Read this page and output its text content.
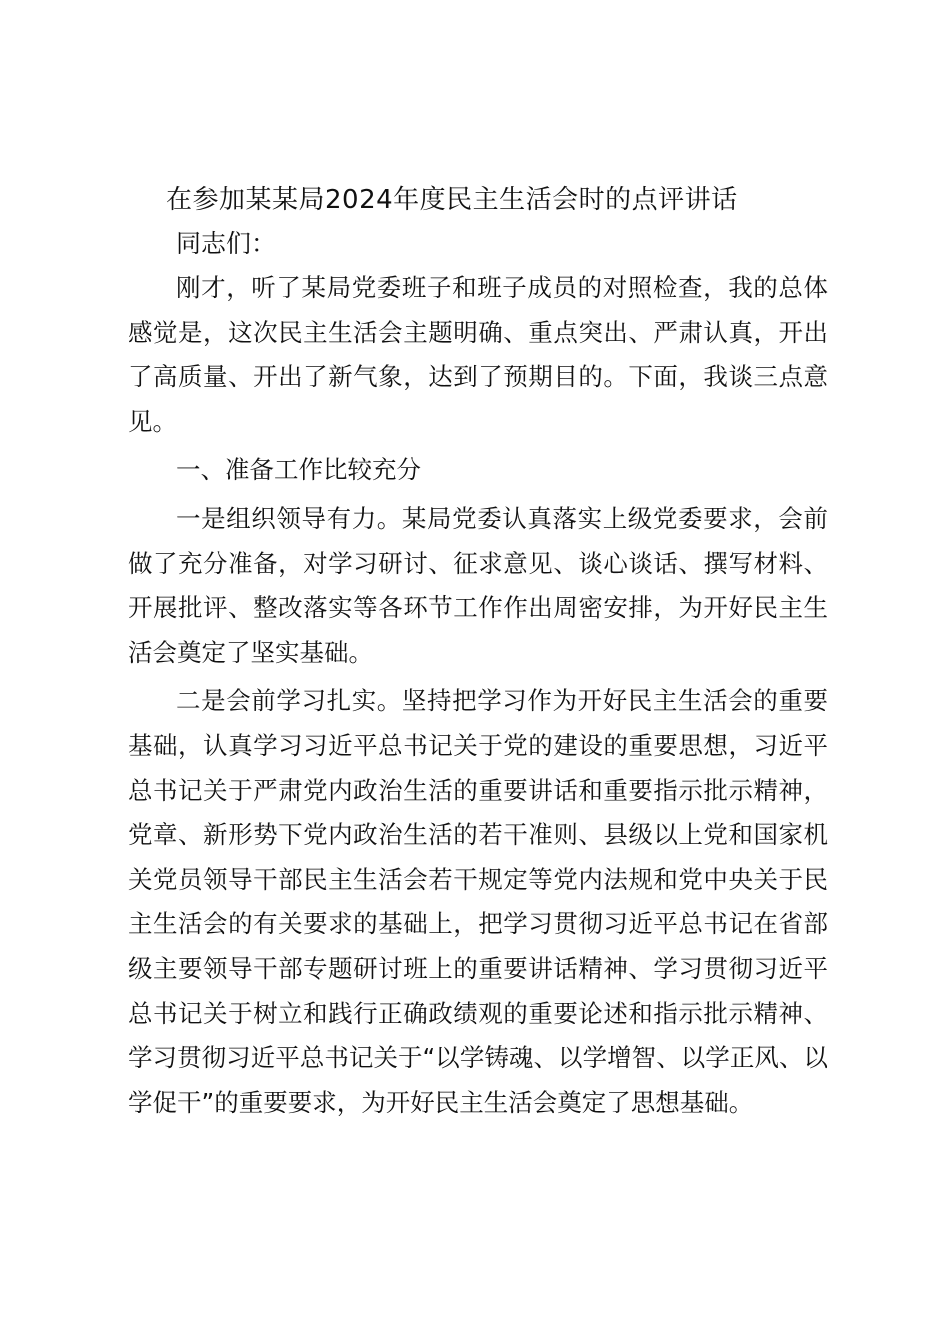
在参加某某局2024年度民主生活会时的点评讲话

同志们：

刚才，听了某局党委班子和班子成员的对照检查，我的总体感觉是，这次民主生活会主题明确、重点突出、严肃认真，开出了高质量、开出了新气象，达到了预期目的。下面，我谈三点意见。

一、准备工作比较充分

一是组织领导有力。某局党委认真落实上级党委要求，会前做了充分准备，对学习研讨、征求意见、谈心谈话、撰写材料、开展批评、整改落实等各环节工作作出周密安排，为开好民主生活会奠定了坚实基础。

二是会前学习扎实。坚持把学习作为开好民主生活会的重要基础，认真学习习近平总书记关于党的建设的重要思想，习近平总书记关于严肃党内政治生活的重要讲话和重要指示批示精神，党章、新形势下党内政治生活的若干准则、县级以上党和国家机关党员领导干部民主生活会若干规定等党内法规和党中央关于民主生活会的有关要求的基础上，把学习贯彻习近平总书记在省部级主要领导干部专题研讨班上的重要讲话精神、学习贯彻习近平总书记关于树立和践行正确政绩观的重要论述和指示批示精神、学习贯彻习近平总书记关于“以学铸魂、以学增智、以学正风、以学促干”的重要要求，为开好民主生活会奠定了思想基础。
